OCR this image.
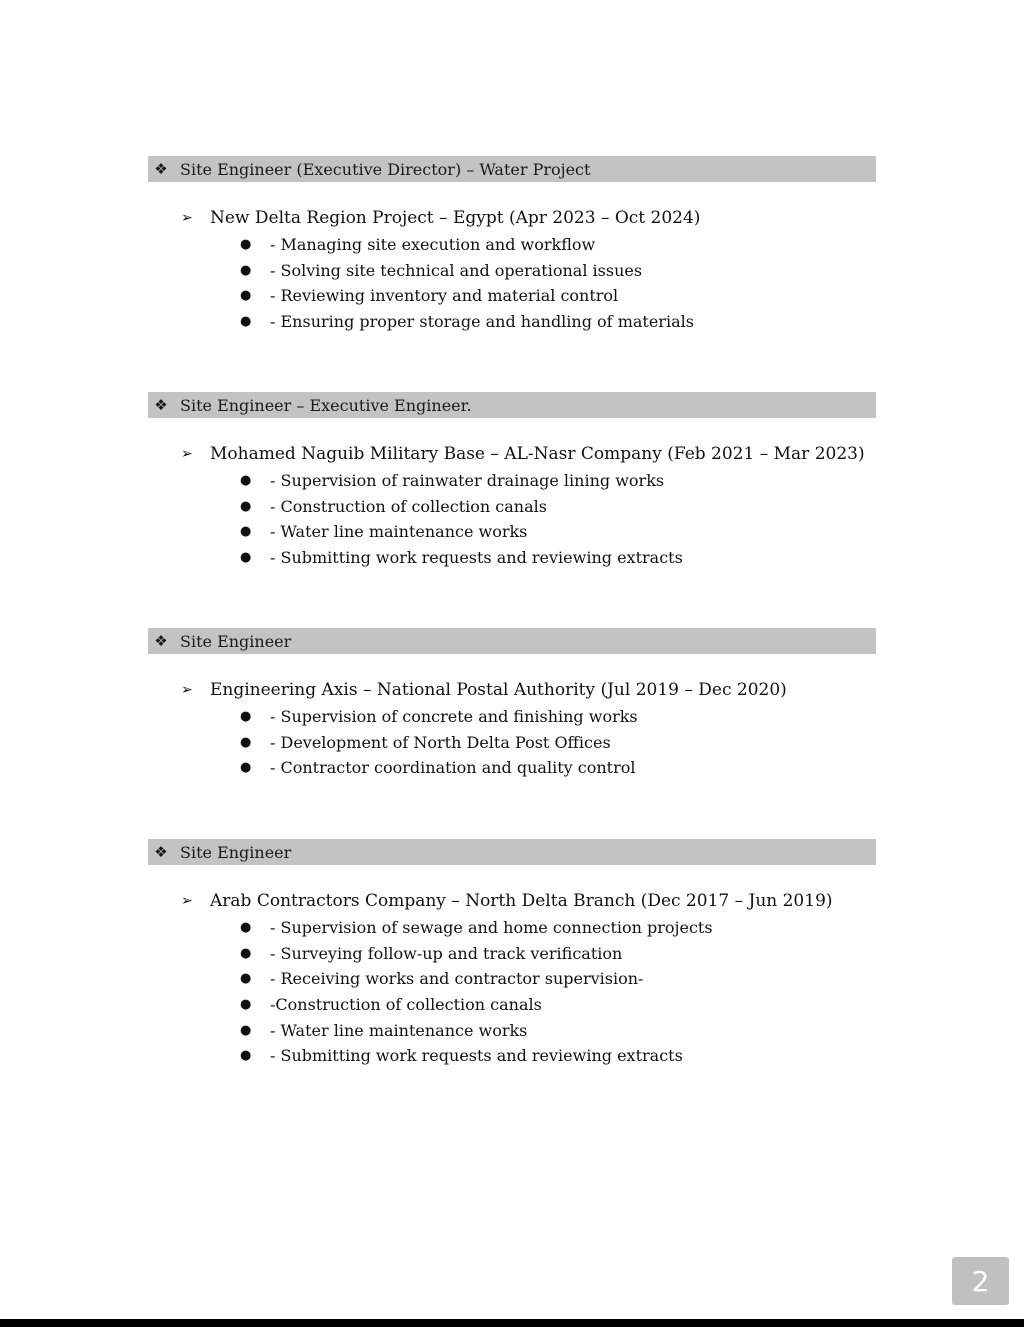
❖ Site Engineer (Executive Director) – Water Project
➢	New Delta Region Project – Egypt (Apr 2023 – Oct 2024)
●	- Managing site execution and workflow
●	- Solving site technical and operational issues
●	- Reviewing inventory and material control
●	- Ensuring proper storage and handling of materials
❖ Site Engineer – Executive Engineer.
➢	Mohamed Naguib Military Base – AL-Nasr Company (Feb 2021 – Mar 2023)
●	- Supervision of rainwater drainage lining works
●	- Construction of collection canals
●	- Water line maintenance works
●	- Submitting work requests and reviewing extracts
❖ Site Engineer
➢	Engineering Axis – National Postal Authority (Jul 2019 – Dec 2020)
●	- Supervision of concrete and finishing works
●	- Development of North Delta Post Offices
●	- Contractor coordination and quality control
❖ Site Engineer
➢	Arab Contractors Company – North Delta Branch (Dec 2017 – Jun 2019)
●	- Supervision of sewage and home connection projects
●	- Surveying follow-up and track verification
●	- Receiving works and contractor supervision-
●	-Construction of collection canals
●	- Water line maintenance works
●	- Submitting work requests and reviewing extracts
2
